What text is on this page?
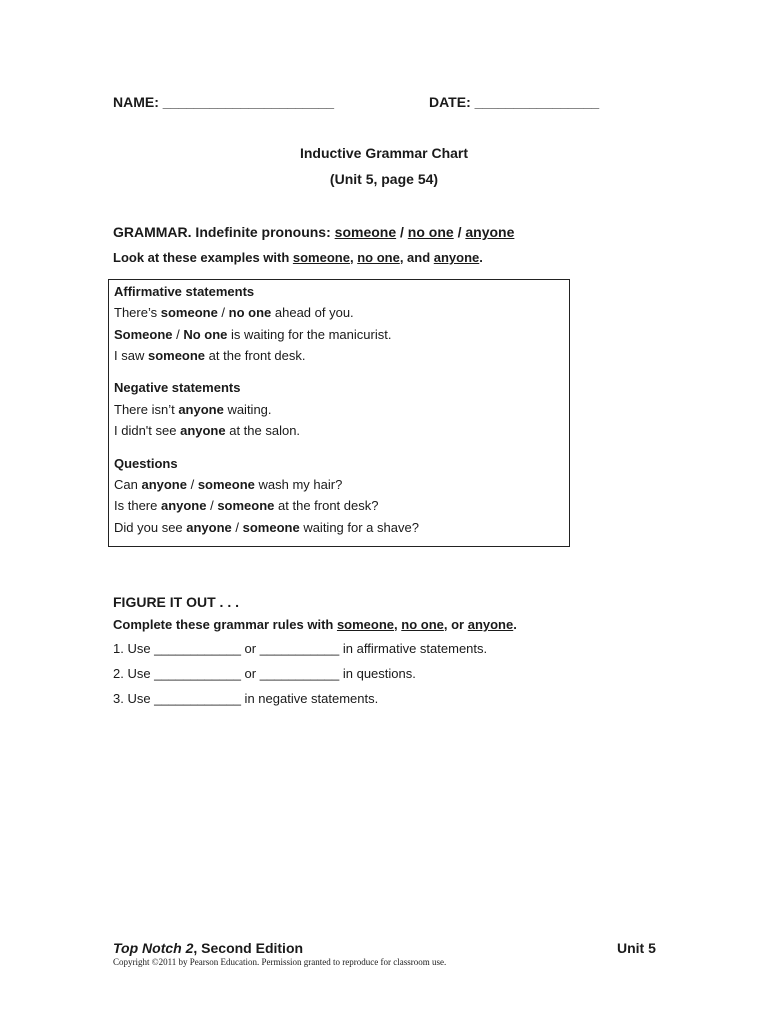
NAME: ______________________	DATE: ________________
Inductive Grammar Chart
(Unit 5, page 54)
GRAMMAR. Indefinite pronouns: someone / no one / anyone
Look at these examples with someone, no one, and anyone.
Affirmative statements
There’s someone / no one ahead of you.
Someone / No one is waiting for the manicurist.
I saw someone at the front desk.
Negative statements
There isn’t anyone waiting.
I didn't see anyone at the salon.
Questions
Can anyone / someone wash my hair?
Is there anyone / someone at the front desk?
Did you see anyone / someone waiting for a shave?
FIGURE IT OUT . . .
Complete these grammar rules with someone, no one, or anyone.
1. Use ____________ or ___________ in affirmative statements.
2. Use ____________ or ___________ in questions.
3. Use ____________ in negative statements.
Top Notch 2, Second Edition	Unit 5
Copyright ©2011 by Pearson Education. Permission granted to reproduce for classroom use.
